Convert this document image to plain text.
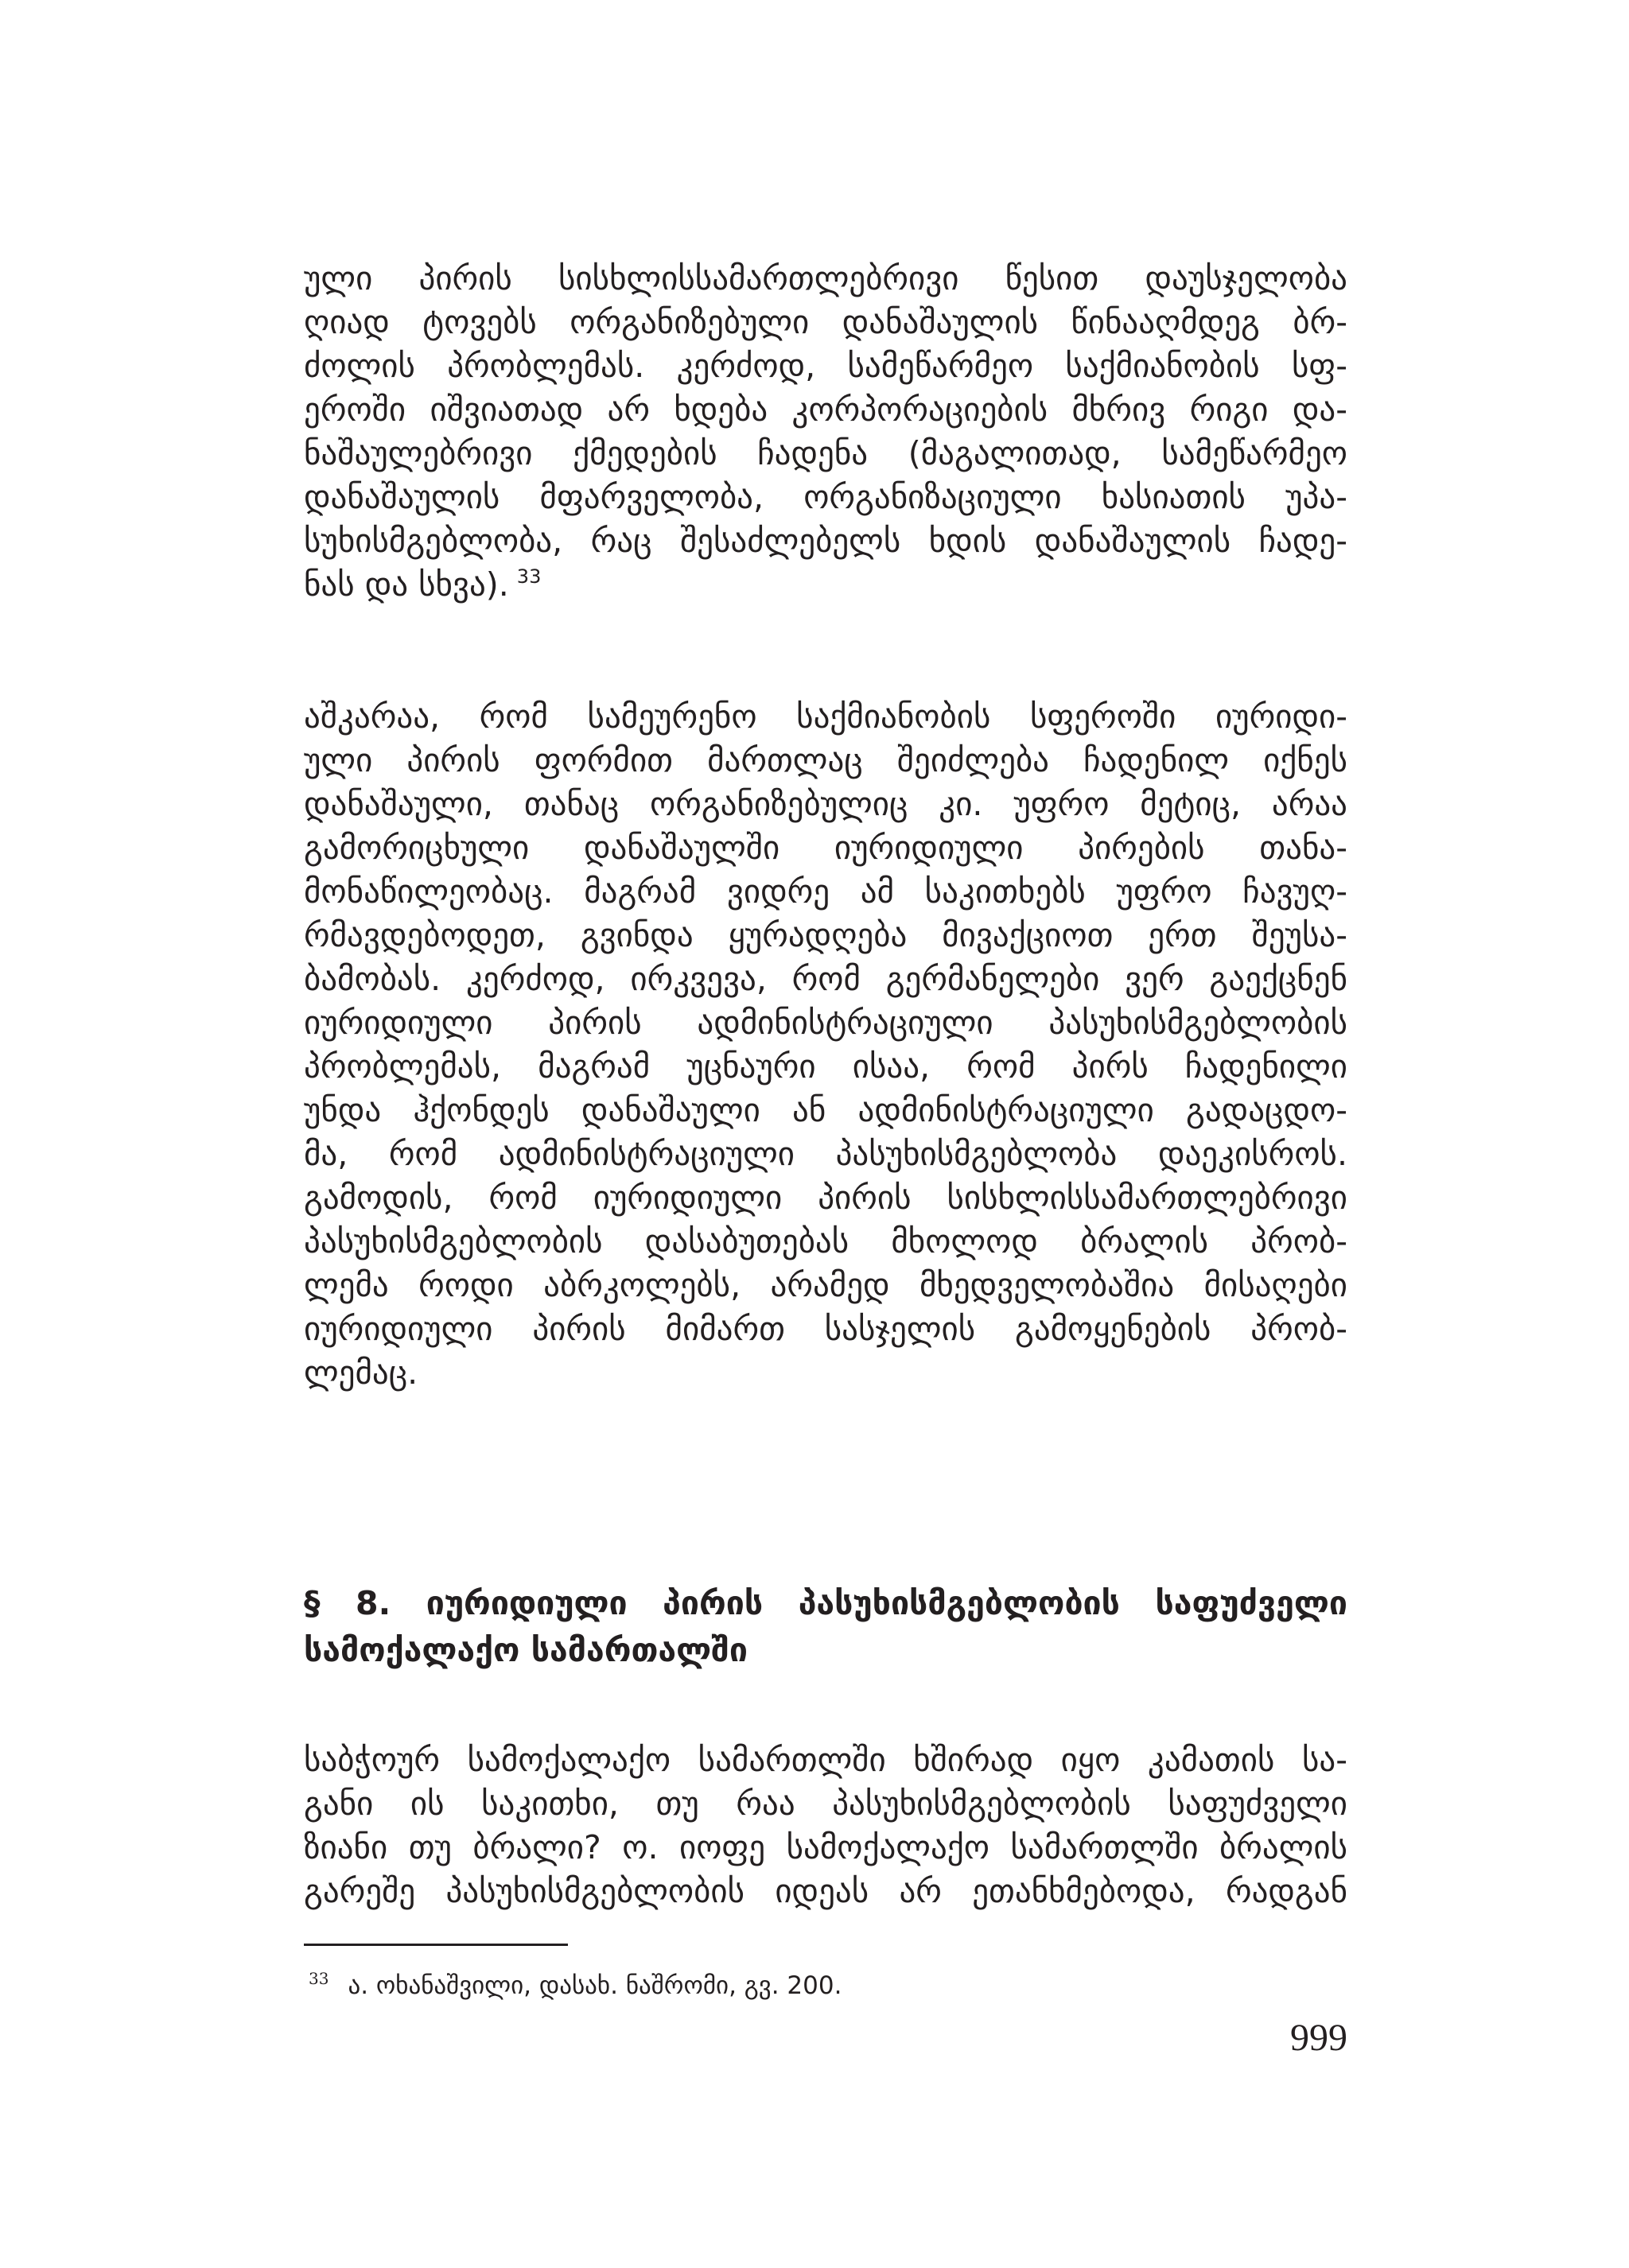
ული პირის სისხლისსამართლებრივი წესით დაუსჯელობა
ღიად ტოვებს ორგანიზებული დანაშაულის წინააღმდეგ ბრ-
ძოლის პრობლემას. კერძოდ, სამეწარმეო საქმიანობის სფ-
ეროში იშვიათად არ ხდება კორპორაციების მხრივ რიგი და-
ნაშაულებრივი ქმედების ჩადენა (მაგალითად, სამეწარმეო
დანაშაულის მფარველობა, ორგანიზაციული ხასიათის უპა-
სუხისმგებლობა, რაც შესაძლებელს ხდის დანაშაულის ჩადე-
ნას და სხვა). $^{33}$
აშკარაა, რომ სამეურენო საქმიანობის სფეროში იურიდი-
ული პირის ფორმით მართლაც შეიძლება ჩადენილ იქნეს
დანაშაული, თანაც ორგანიზებულიც კი. უფრო მეტიც, არაა
გამორიცხული დანაშაულში იურიდიული პირების თანა-
მონაწილეობაც. მაგრამ ვიდრე ამ საკითხებს უფრო ჩავუღ-
რმავდებოდეთ, გვინდა ყურადღება მივაქციოთ ერთ შეუსა-
ბამობას. კერძოდ, ირკვევა, რომ გერმანელები ვერ გაექცნენ
იურიდიული პირის ადმინისტრაციული პასუხისმგებლობის
პრობლემას, მაგრამ უცნაური ისაა, რომ პირს ჩადენილი
უნდა ჰქონდეს დანაშაული ან ადმინისტრაციული გადაცდო-
მა, რომ ადმინისტრაციული პასუხისმგებლობა დაეკისროს.
გამოდის, რომ იურიდიული პირის სისხლისსამართლებრივი
პასუხისმგებლობის დასაბუთებას მხოლოდ ბრალის პრობ-
ლემა როდი აბრკოლებს, არამედ მხედველობაშია მისაღები
იურიდიული პირის მიმართ სასჯელის გამოყენების პრობ-
ლემაც.
§ 8. იურიდიული პირის პასუხისმგებლობის საფუძველი
სამოქალაქო სამართალში
საბჭოურ სამოქალაქო სამართლში ხშირად იყო კამათის სა-
განი ის საკითხი, თუ რაა პასუხისმგებლობის საფუძველი
ზიანი თუ ბრალი? ო. იოფე სამოქალაქო სამართლში ბრალის
გარეშე პასუხისმგებლობის იდეას არ ეთანხმებოდა, რადგან
$^{33}$ ა. ოხანაშვილი, დასახ. ნაშრომი, გვ. 200.
999
